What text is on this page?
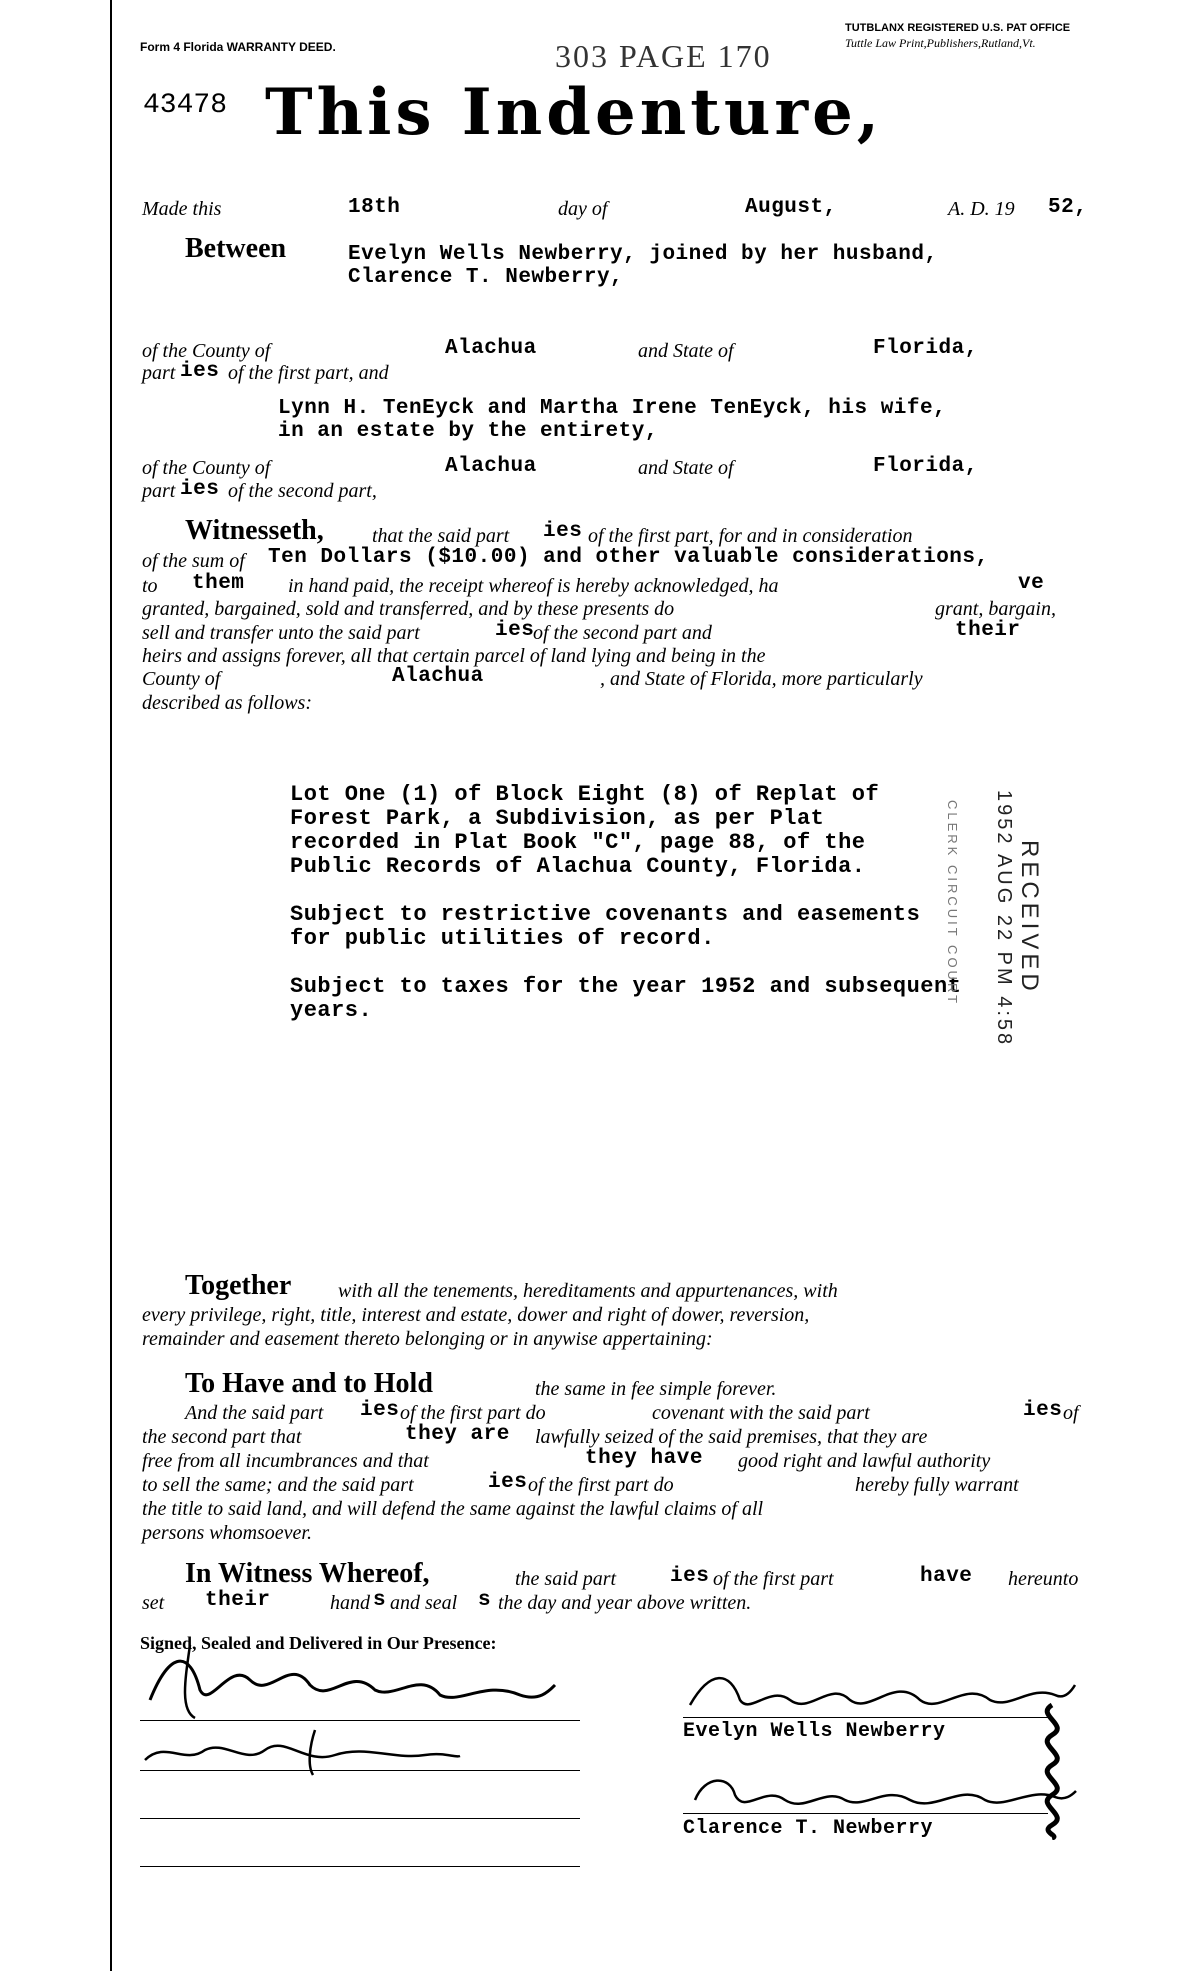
Form 4 Florida WARRANTY DEED.
TUTBLANX REGISTERED U.S. PAT OFFICE
Tuttle Law Print,Publishers,Rutland,Vt.
303 PAGE 170
43478 This Indenture,
Made this	18th	day of	August,	A. D. 19 52,
Between	Evelyn Wells Newberry, joined by her husband,
Clarence T. Newberry,
of the County of	Alachua	and State of	Florida,
part ies of the first part, and
Lynn H. TenEyck and Martha Irene TenEyck, his wife,
in an estate by the entirety,
of the County of	Alachua	and State of	Florida,
part ies of the second part,
Witnesseth, that the said part ies of the first part, for and in consideration
of the sum of Ten Dollars ($10.00) and other valuable considerations,
to them in hand paid, the receipt whereof is hereby acknowledged, ha	ve
granted, bargained, sold and transferred, and by these presents do	grant, bargain,
sell and transfer unto the said part	ies
of the second part and	their
heirs and assigns forever, all that certain parcel of land lying and being in the
County of	Alachua	, and State of Florida, more particularly
described as follows:
Lot One (1) of Block Eight (8) of Replat of
Forest Park, a Subdivision, as per Plat
recorded in Plat Book "C", page 88, of the
Public Records of Alachua County, Florida.
Subject to restrictive covenants and easements
for public utilities of record.
Subject to taxes for the year 1952 and subsequent
years.
RECEIVED
1952 AUG 22 PM 4:58
CLERK CIRCUIT COURT
Together with all the tenements, hereditaments and appurtenances, with
every privilege, right, title, interest and estate, dower and right of dower, reversion,
remainder and easement thereto belonging or in anywise appertaining:
To Have and to Hold	the same in fee simple forever.
And the said part ies of the first part do	covenant with the said part	ies of
the second part that	they are lawfully seized of the said premises, that they are
free from all incumbrances and that	they have good right and lawful authority
to sell the same; and the said part	ies of the first part do	hereby fully warrant
the title to said land, and will defend the same against the lawful claims of all
persons whomsoever.
In Witness Whereof,	the said part	ies of the first part	have hereunto
set their	hand s and seal s the day and year above written.
Signed, Sealed and Delivered in Our Presence:
Evelyn Wells Newberry
Clarence T. Newberry
